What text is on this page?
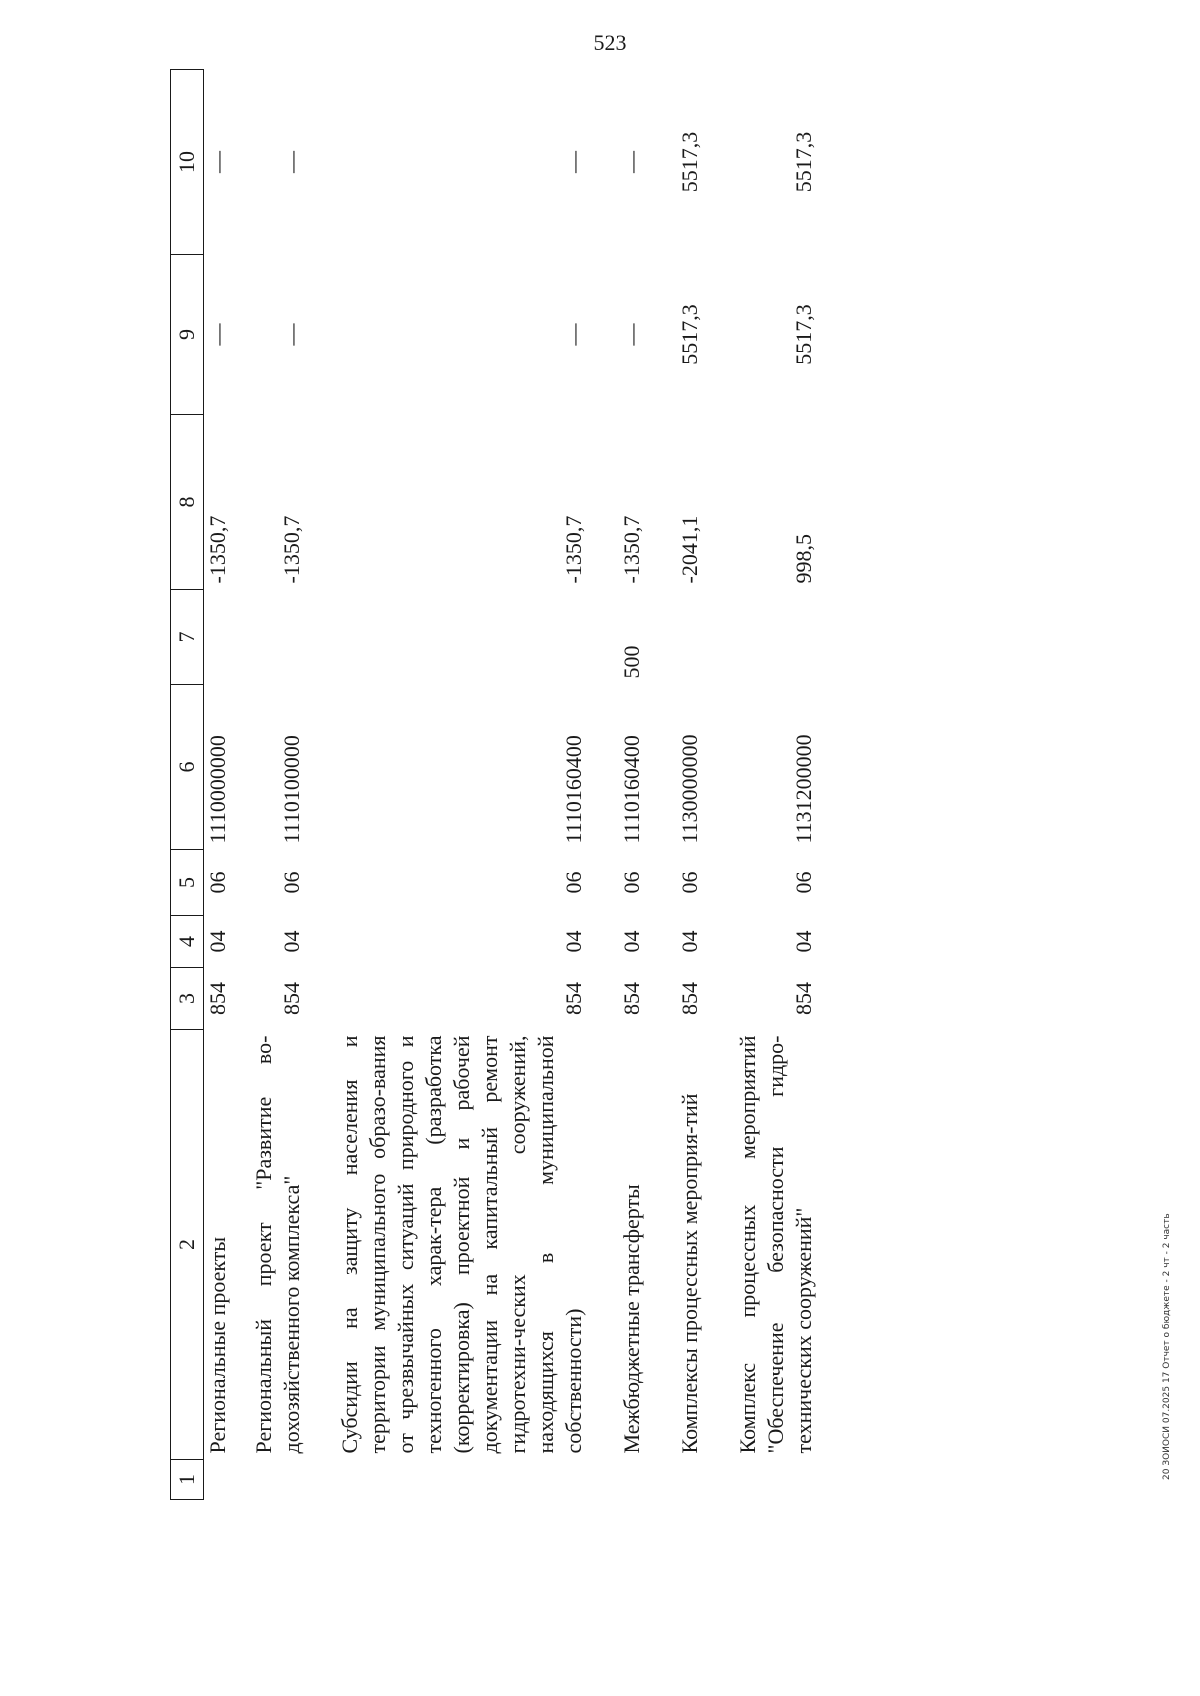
523
1	2	3	4	5	6	7	8	9	10
	Региональные проекты	854	04	06	1110000000		-1350,7	—	—
	Региональный проект "Развитие во-дохозяйственного комплекса"	854	04	06	1110100000		-1350,7	—	—
	Субсидии на защиту населения и территории муниципального образо-вания от чрезвычайных ситуаций природного и техногенного харак-тера (разработка (корректировка) проектной и рабочей документации на капитальный ремонт гидротехни-ческих сооружений, находящихся в муниципальной собственности)	854	04	06	1110160400		-1350,7	—	—
	Межбюджетные трансферты	854	04	06	1110160400	500	-1350,7	—	—
	Комплексы процессных мероприя-тий	854	04	06	1130000000		-2041,1	5517,3	5517,3
	Комплекс процессных мероприятий "Обеспечение безопасности гидро-технических сооружений"	854	04	06	1131200000		998,5	5517,3	5517,3
20 ЗОИОСИ 07.2025 17 Отчет о бюджете - 2 чт - 2 часть
